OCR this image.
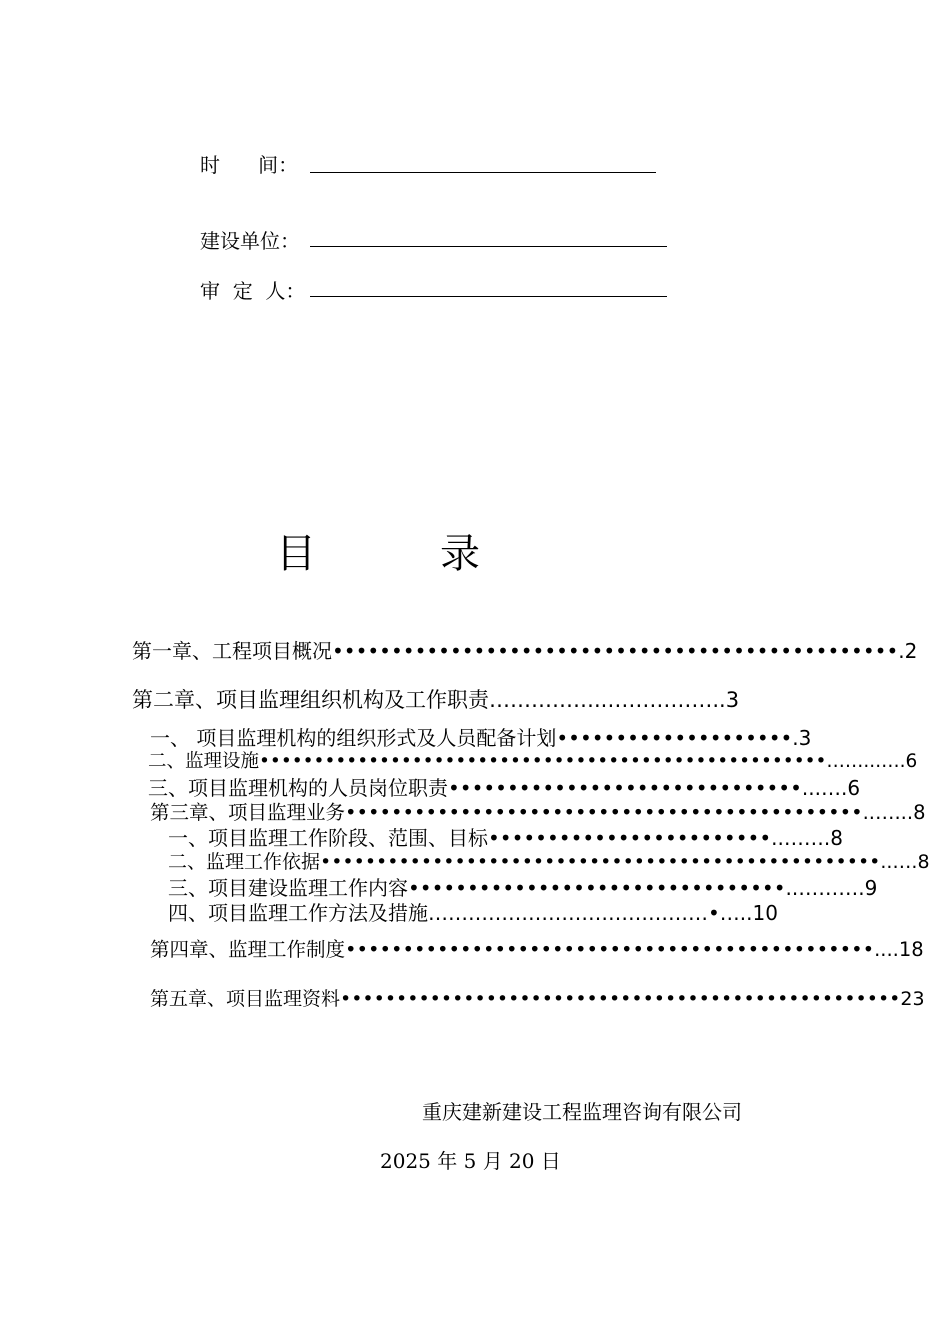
时      间：
建设单位：
审  定  人：
目	录
第一章、工程项目概况••••••••••••••••••••••••••••••••••••••••••••••••.2
第二章、项目监理组织机构及工作职责……………..……………..3
一、 项目监理机构的组织形式及人员配备计划••••••••••••••••••••.3
二、监理设施••••••••••••••••••••••••••••••••••••••••••••••••••••……...….6
三、项目监理机构的人员岗位职责••••••••••••••••••••••••••••••...….6
第三章、项目监理业务•••••••••••••••••••••••••••••••••••••••••••••..…...8
一、项目监理工作阶段、范围、目标••••••••••••••••••••••••..…….8
二、监理工作依据••••••••••••••••••••••••••••••••••••••••••••••••••..….8
三、项目建设监理工作内容••••••••••••••••••••••••••••••••..……….9
四、项目监理工作方法及措施……………………………………•…..10
第四章、监理工作制度••••••••••••••••••••••••••••••••••••••••••••••....18
第五章、项目监理资料••••••••••••••••••••••••••••••••••••••••••••••••••23
重庆建新建设工程监理咨询有限公司
2025 年 5 月 20 日
